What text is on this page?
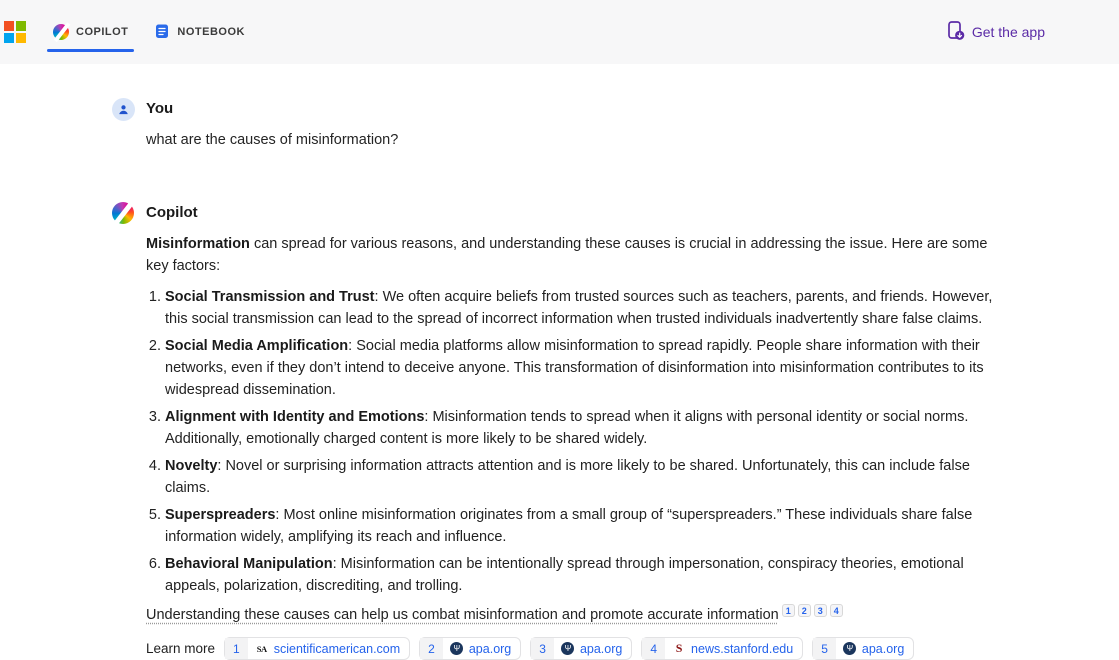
COPILOT	NOTEBOOK	Get the app
You
what are the causes of misinformation?
Copilot
Misinformation can spread for various reasons, and understanding these causes is crucial in addressing the issue. Here are some key factors:
1. Social Transmission and Trust: We often acquire beliefs from trusted sources such as teachers, parents, and friends. However, this social transmission can lead to the spread of incorrect information when trusted individuals inadvertently share false claims.
2. Social Media Amplification: Social media platforms allow misinformation to spread rapidly. People share information with their networks, even if they don’t intend to deceive anyone. This transformation of disinformation into misinformation contributes to its widespread dissemination.
3. Alignment with Identity and Emotions: Misinformation tends to spread when it aligns with personal identity or social norms. Additionally, emotionally charged content is more likely to be shared widely.
4. Novelty: Novel or surprising information attracts attention and is more likely to be shared. Unfortunately, this can include false claims.
5. Superspreaders: Most online misinformation originates from a small group of “superspreaders.” These individuals share false information widely, amplifying its reach and influence.
6. Behavioral Manipulation: Misinformation can be intentionally spread through impersonation, conspiracy theories, emotional appeals, polarization, discrediting, and trolling.
Understanding these causes can help us combat misinformation and promote accurate information 1 2 3 4
Learn more	1 SA	scientificamerican.com	2 Ψ	apa.org	3 Ψ	apa.org	4 S	news.stanford.edu	5 Ψ	apa.org
